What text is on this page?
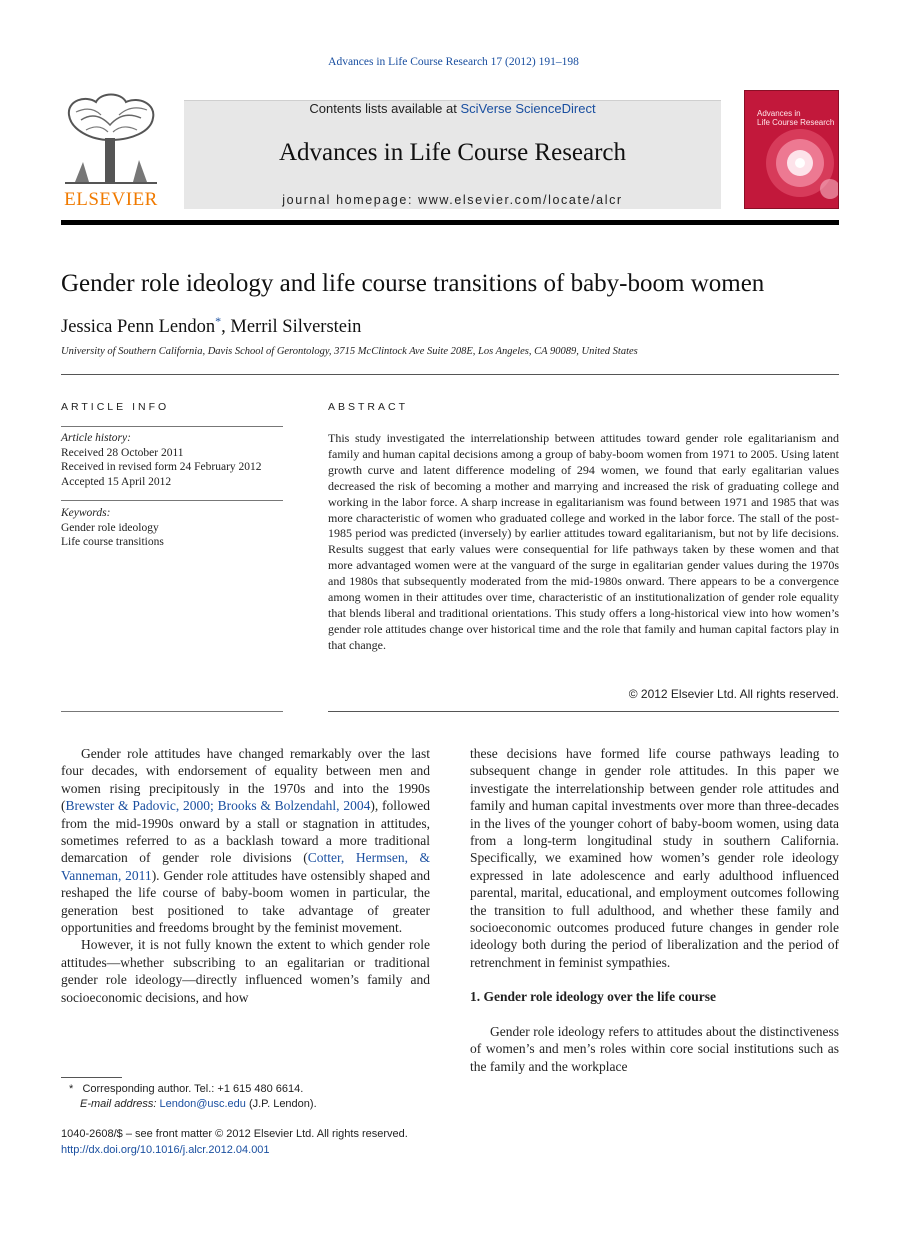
Advances in Life Course Research 17 (2012) 191–198
ELSEVIER
Contents lists available at SciVerse ScienceDirect
Advances in Life Course Research
journal homepage: www.elsevier.com/locate/alcr
Advances in
Life Course Research
Gender role ideology and life course transitions of baby-boom women
Jessica Penn Lendon*, Merril Silverstein
University of Southern California, Davis School of Gerontology, 3715 McClintock Ave Suite 208E, Los Angeles, CA 90089, United States
ARTICLE INFO
Article history:
Received 28 October 2011
Received in revised form 24 February 2012
Accepted 15 April 2012
Keywords:
Gender role ideology
Life course transitions
ABSTRACT
This study investigated the interrelationship between attitudes toward gender role egalitarianism and family and human capital decisions among a group of baby-boom women from 1971 to 2005. Using latent growth curve and latent difference modeling of 294 women, we found that early egalitarian values decreased the risk of becoming a mother and marrying and increased the risk of graduating college and working in the labor force. A sharp increase in egalitarianism was found between 1971 and 1985 that was more characteristic of women who graduated college and worked in the labor force. The stall of the post-1985 period was predicted (inversely) by earlier attitudes toward egalitarianism, but not by life decisions. Results suggest that early values were consequential for life pathways taken by these women and that more advantaged women were at the vanguard of the surge in egalitarian gender values during the 1970s and 1980s that subsequently moderated from the mid-1980s onward. There appears to be a convergence among women in their attitudes over time, characteristic of an institutionalization of gender role equality that blends liberal and traditional orientations. This study offers a long-historical view into how women’s gender role attitudes change over historical time and the role that family and human capital factors play in that change.
© 2012 Elsevier Ltd. All rights reserved.

Gender role attitudes have changed remarkably over the last four decades, with endorsement of equality between men and women rising precipitously in the 1970s and into the 1990s (Brewster & Padovic, 2000; Brooks & Bolzendahl, 2004), followed from the mid-1990s onward by a stall or stagnation in attitudes, sometimes referred to as a backlash toward a more traditional demarcation of gender role divisions (Cotter, Hermsen, & Vanneman, 2011). Gender role attitudes have ostensibly shaped and reshaped the life course of baby-boom women in particular, the generation best positioned to take advantage of greater opportunities and freedoms brought by the feminist movement.

However, it is not fully known the extent to which gender role attitudes—whether subscribing to an egalitarian or traditional gender role ideology—directly influenced women’s family and socioeconomic decisions, and how

these decisions have formed life course pathways leading to subsequent change in gender role attitudes. In this paper we investigate the interrelationship between gender role attitudes and family and human capital investments over more than three-decades in the lives of the younger cohort of baby-boom women, using data from a long-term longitudinal study in southern California. Specifically, we examined how women’s gender role ideology expressed in late adolescence and early adulthood influenced parental, marital, educational, and employment outcomes following the transition to full adulthood, and whether these family and socioeconomic outcomes produced future changes in gender role ideology both during the period of liberalization and the period of retrenchment in feminist sympathies.

1. Gender role ideology over the life course

Gender role ideology refers to attitudes about the distinctiveness of women’s and men’s roles within core social institutions such as the family and the workplace

* Corresponding author. Tel.: +1 615 480 6614.
E-mail address: Lendon@usc.edu (J.P. Lendon).
1040-2608/$ – see front matter © 2012 Elsevier Ltd. All rights reserved.
http://dx.doi.org/10.1016/j.alcr.2012.04.001
